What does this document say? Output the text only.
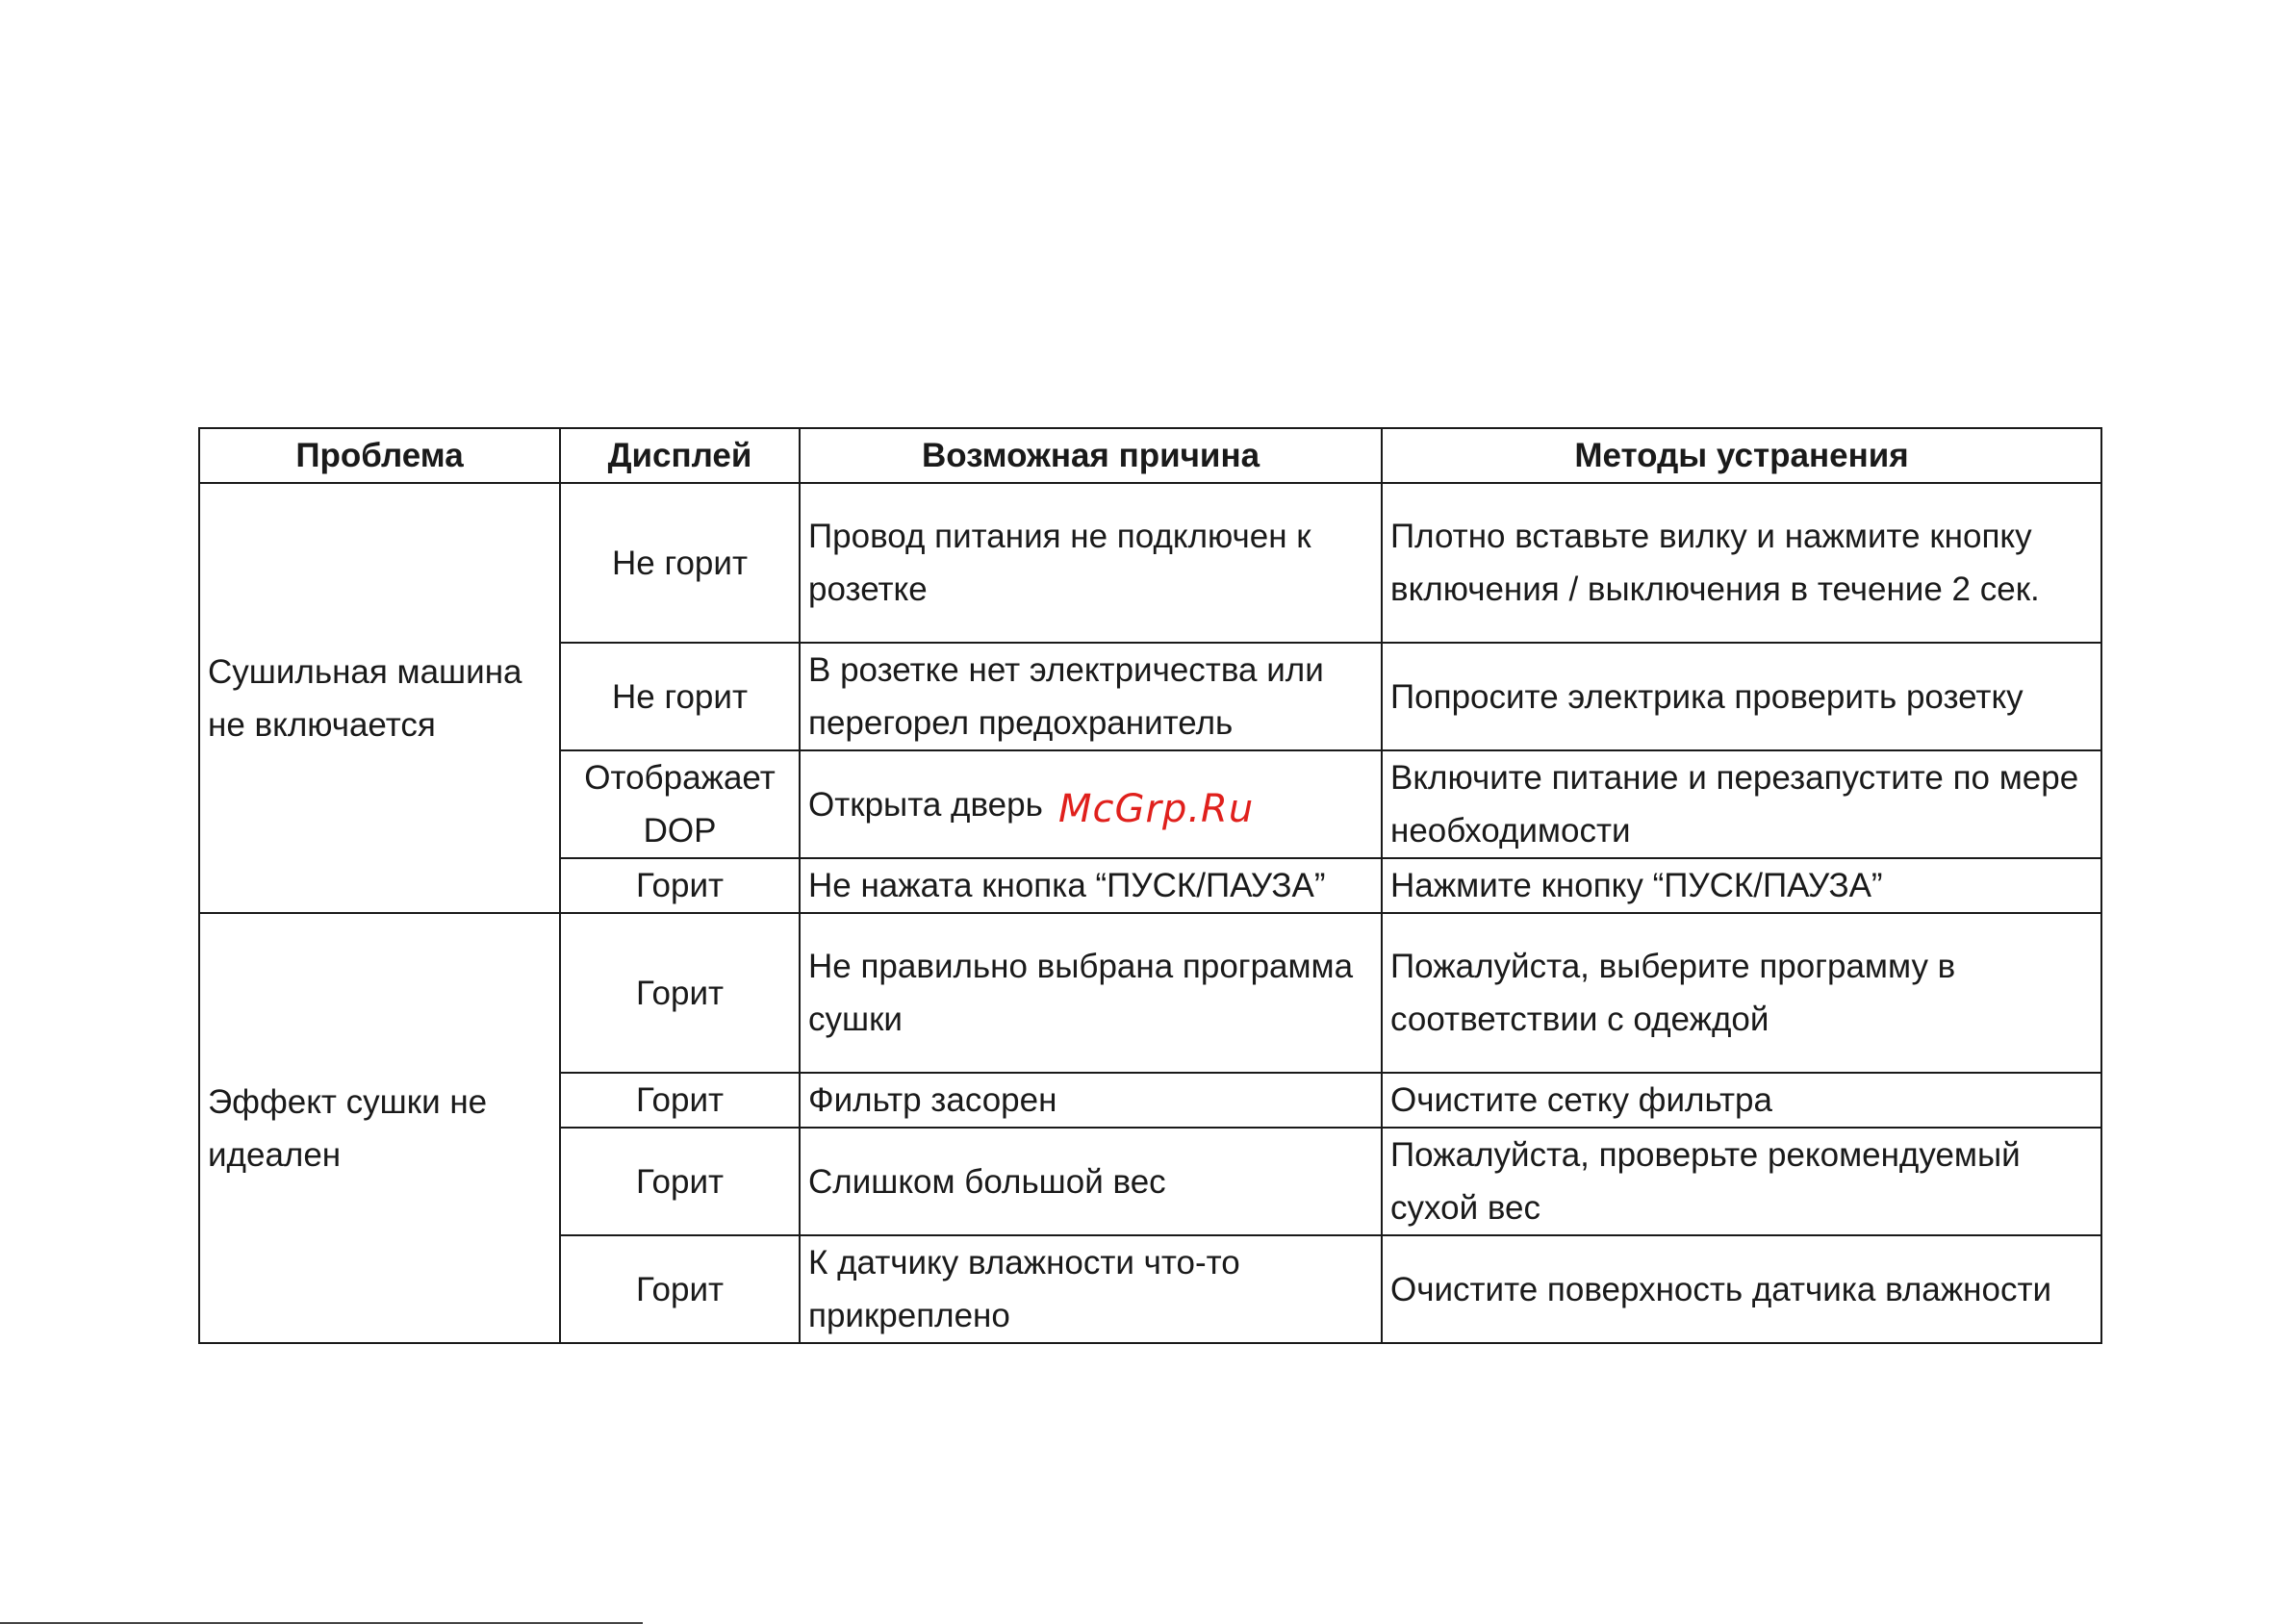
Проблема	Дисплей	Возможная причина	Методы устранения
Сушильная машина не включается	Не горит	Провод питания не подключен к розетке	Плотно вставьте вилку и нажмите кнопку включения / выключения в течение 2 сек.
	Не горит	В розетке нет электричества или перегорел предохранитель	Попросите электрика проверить розетку
	Отображает DOP	Открыта дверь	Включите питание и перезапустите по мере необходимости
	Горит	Не нажата кнопка “ПУСК/ПАУЗА”	Нажмите кнопку “ПУСК/ПАУЗА”
Эффект сушки не идеален	Горит	Не правильно выбрана программа сушки	Пожалуйста, выберите программу в соответствии с одеждой
	Горит	Фильтр засорен	Очистите сетку фильтра
	Горит	Слишком большой вес	Пожалуйста, проверьте рекомендуемый сухой вес
	Горит	К датчику влажности что-то прикреплено	Очистите поверхность датчика влажности
McGrp.Ru
